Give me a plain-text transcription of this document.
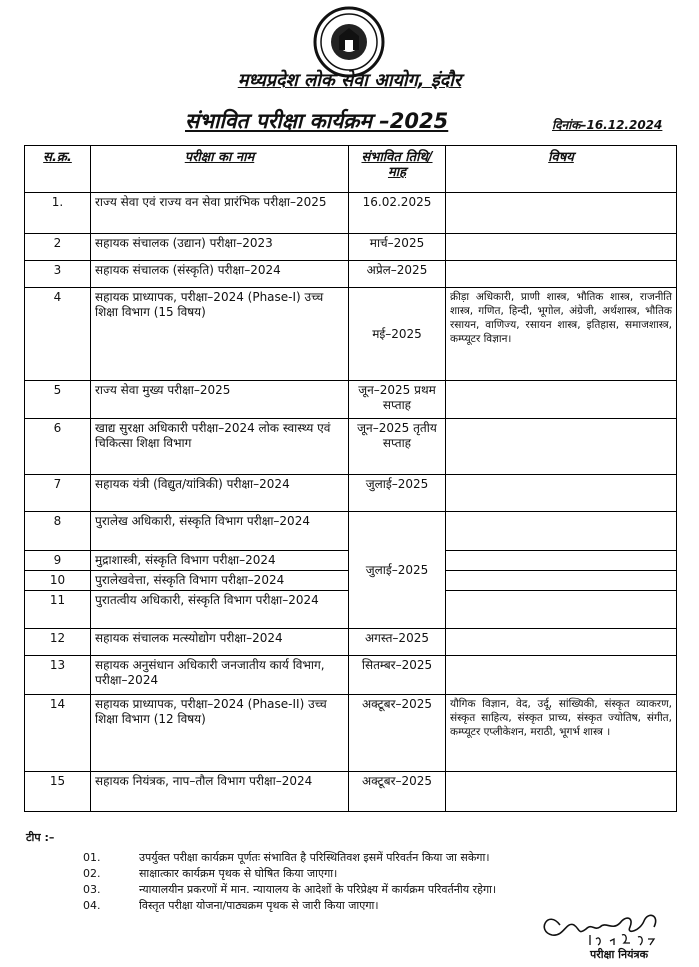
मध्यप्रदेश लोक सेवा आयोग, इंदौर
संभावित परीक्षा कार्यक्रम –2025	दिनांक–16.12.2024
स.क्र.	परीक्षा का नाम	संभावित तिथि/माह	विषय
1.	राज्य सेवा एवं राज्य वन सेवा प्रारंभिक परीक्षा–2025	16.02.2025	
2	सहायक संचालक (उद्यान) परीक्षा–2023	मार्च–2025	
3	सहायक संचालक (संस्कृति) परीक्षा–2024	अप्रेल–2025	
4	सहायक प्राध्यापक, परीक्षा–2024 (Phase-I) उच्च शिक्षा विभाग (15 विषय)	मई–2025	क्रीड़ा अधिकारी, प्राणी शास्त्र, भौतिक शास्त्र, राजनीति शास्त्र, गणित, हिन्दी, भूगोल, अंग्रेजी, अर्थशास्त्र, भौतिक रसायन, वाणिज्य, रसायन शास्त्र, इतिहास, समाजशास्त्र, कम्प्यूटर विज्ञान।
5	राज्य सेवा मुख्य परीक्षा–2025	जून–2025 प्रथम सप्ताह	
6	खाद्य सुरक्षा अधिकारी परीक्षा–2024 लोक स्वास्थ्य एवं चिकित्सा शिक्षा विभाग	जून–2025 तृतीय सप्ताह	
7	सहायक यंत्री (विद्युत/यांत्रिकी) परीक्षा–2024	जुलाई–2025	
8	पुरालेख अधिकारी, संस्कृति विभाग परीक्षा–2024	जुलाई–2025	
9	मुद्राशास्त्री, संस्कृति विभाग परीक्षा–2024		
10	पुरालेखवेत्ता, संस्कृति विभाग परीक्षा–2024		
11	पुरातत्वीय अधिकारी, संस्कृति विभाग परीक्षा–2024		
12	सहायक संचालक मत्स्योद्योग परीक्षा–2024	अगस्त–2025	
13	सहायक अनुसंधान अधिकारी जनजातीय कार्य विभाग, परीक्षा–2024	सितम्बर–2025	
14	सहायक प्राध्यापक, परीक्षा–2024 (Phase-II) उच्च शिक्षा विभाग (12 विषय)	अक्टूबर–2025	यौगिक विज्ञान, वेद, उर्दू, सांख्यिकी, संस्कृत व्याकरण, संस्कृत साहित्य, संस्कृत प्राच्य, संस्कृत ज्योतिष, संगीत, कम्प्यूटर एप्लीकेशन, मराठी, भूगर्भ शास्त्र ।
15	सहायक नियंत्रक, नाप–तौल विभाग परीक्षा–2024	अक्टूबर–2025	
टीप :–
01.	उपर्युक्त परीक्षा कार्यक्रम पूर्णतः संभावित है परिस्थितिवश इसमें परिवर्तन किया जा सकेगा।
02.	साक्षात्कार कार्यक्रम पृथक से घोषित किया जाएगा।
03.	न्यायालयीन प्रकरणों में मान. न्यायालय के आदेशों के परिप्रेक्ष्य में कार्यक्रम परिवर्तनीय रहेगा।
04.	विस्तृत परीक्षा योजना/पाठ्यक्रम पृथक से जारी किया जाएगा।
परीक्षा नियंत्रक
